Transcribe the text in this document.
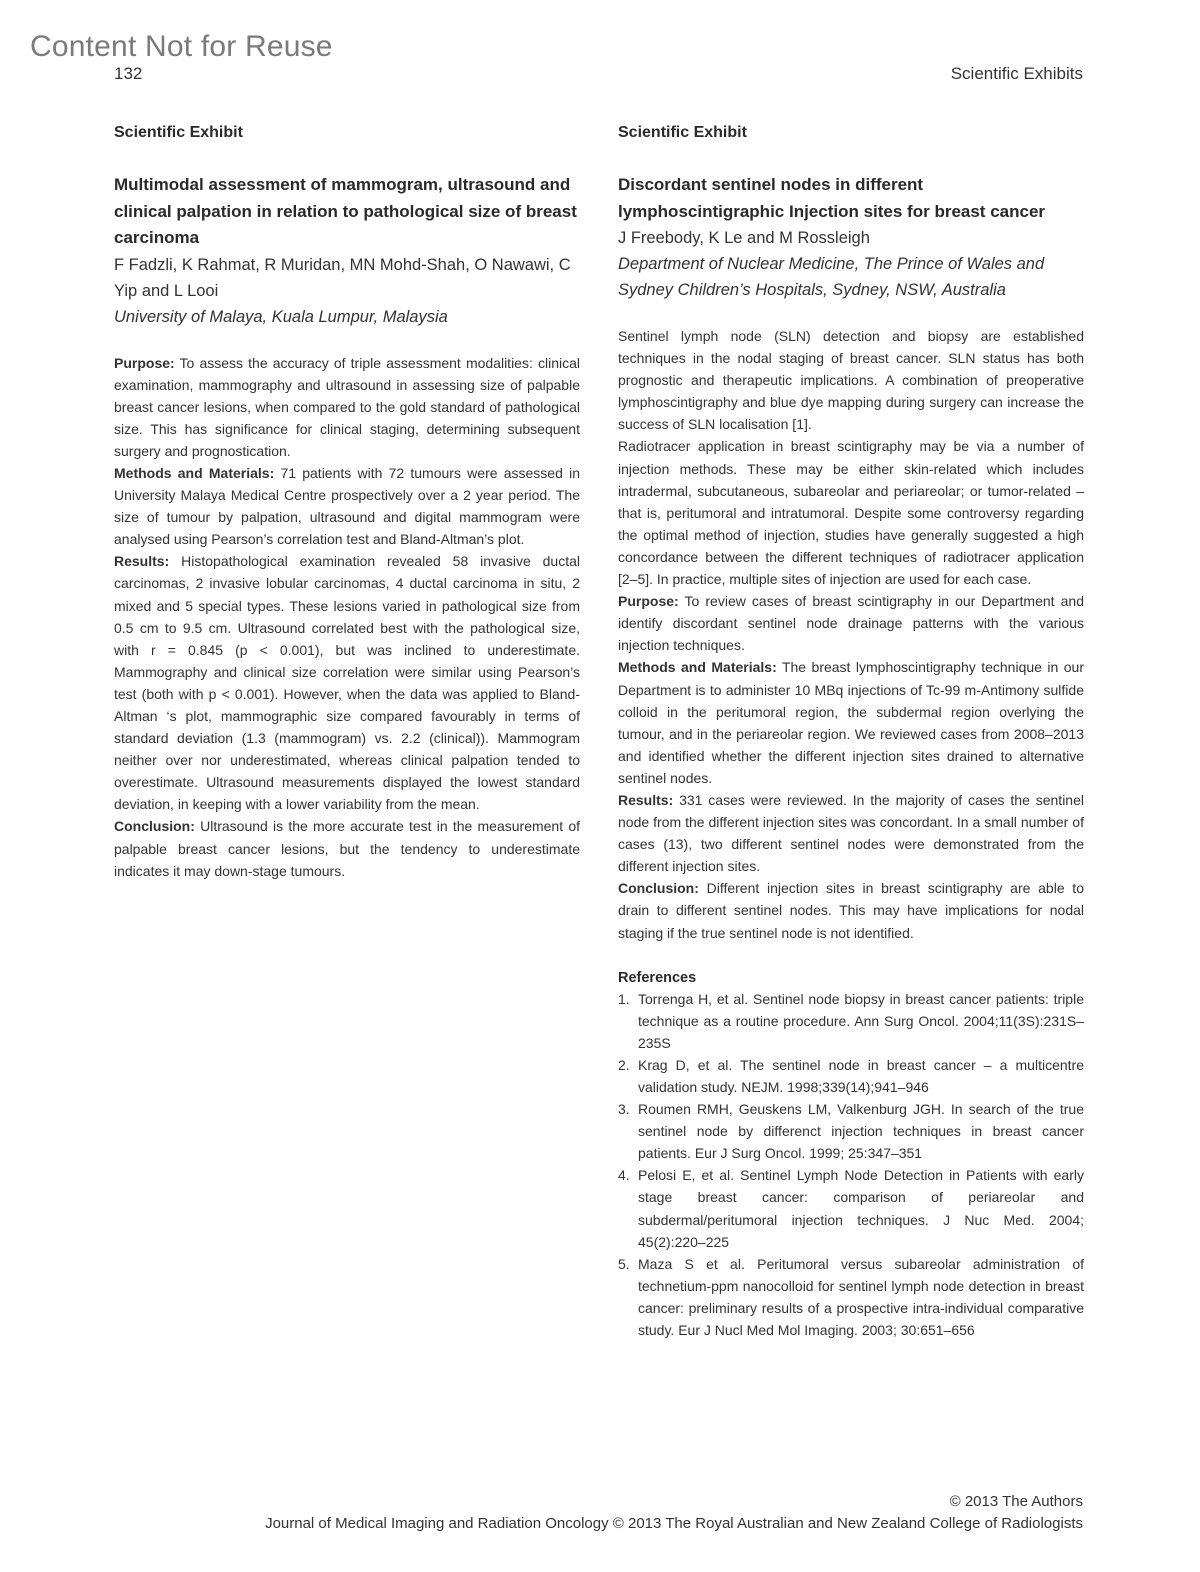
Content Not for Reuse
132	Scientific Exhibits

Scientific Exhibit

Multimodal assessment of mammogram, ultrasound and clinical palpation in relation to pathological size of breast carcinoma

F Fadzli, K Rahmat, R Muridan, MN Mohd-Shah, O Nawawi, C Yip and L Looi

University of Malaya, Kuala Lumpur, Malaysia

Purpose: To assess the accuracy of triple assessment modalities: clinical examination, mammography and ultrasound in assessing size of palpable breast cancer lesions, when compared to the gold standard of pathological size. This has significance for clinical staging, determining subsequent surgery and prognostication.

Methods and Materials: 71 patients with 72 tumours were assessed in University Malaya Medical Centre prospectively over a 2 year period. The size of tumour by palpation, ultrasound and digital mammogram were analysed using Pearson’s correlation test and Bland-Altman’s plot.

Results: Histopathological examination revealed 58 invasive ductal carcinomas, 2 invasive lobular carcinomas, 4 ductal carcinoma in situ, 2 mixed and 5 special types. These lesions varied in pathological size from 0.5 cm to 9.5 cm. Ultrasound correlated best with the pathological size, with r = 0.845 (p < 0.001), but was inclined to underestimate. Mammography and clinical size correlation were similar using Pearson’s test (both with p < 0.001). However, when the data was applied to Bland-Altman ‘s plot, mammographic size compared favourably in terms of standard deviation (1.3 (mammogram) vs. 2.2 (clinical)). Mammogram neither over nor underestimated, whereas clinical palpation tended to overestimate. Ultrasound measurements displayed the lowest standard deviation, in keeping with a lower variability from the mean.

Conclusion: Ultrasound is the more accurate test in the measurement of palpable breast cancer lesions, but the tendency to underestimate indicates it may down-stage tumours.

Scientific Exhibit

Discordant sentinel nodes in different lymphoscintigraphic Injection sites for breast cancer

J Freebody, K Le and M Rossleigh

Department of Nuclear Medicine, The Prince of Wales and Sydney Children’s Hospitals, Sydney, NSW, Australia

Sentinel lymph node (SLN) detection and biopsy are established techniques in the nodal staging of breast cancer. SLN status has both prognostic and therapeutic implications. A combination of preoperative lymphoscintigraphy and blue dye mapping during surgery can increase the success of SLN localisation [1].

Radiotracer application in breast scintigraphy may be via a number of injection methods. These may be either skin-related which includes intradermal, subcutaneous, subareolar and periareolar; or tumor-related – that is, peritumoral and intratumoral. Despite some controversy regarding the optimal method of injection, studies have generally suggested a high concordance between the different techniques of radiotracer application [2–5]. In practice, multiple sites of injection are used for each case.

Purpose: To review cases of breast scintigraphy in our Department and identify discordant sentinel node drainage patterns with the various injection techniques.

Methods and Materials: The breast lymphoscintigraphy technique in our Department is to administer 10 MBq injections of Tc-99 m-Antimony sulfide colloid in the peritumoral region, the subdermal region overlying the tumour, and in the periareolar region. We reviewed cases from 2008–2013 and identified whether the different injection sites drained to alternative sentinel nodes.

Results: 331 cases were reviewed. In the majority of cases the sentinel node from the different injection sites was concordant. In a small number of cases (13), two different sentinel nodes were demonstrated from the different injection sites.

Conclusion: Different injection sites in breast scintigraphy are able to drain to different sentinel nodes. This may have implications for nodal staging if the true sentinel node is not identified.

References

1. Torrenga H, et al. Sentinel node biopsy in breast cancer patients: triple technique as a routine procedure. Ann Surg Oncol. 2004;11(3S):231S–235S
2. Krag D, et al. The sentinel node in breast cancer – a multicentre validation study. NEJM. 1998;339(14);941–946
3. Roumen RMH, Geuskens LM, Valkenburg JGH. In search of the true sentinel node by differenct injection techniques in breast cancer patients. Eur J Surg Oncol. 1999; 25:347–351
4. Pelosi E, et al. Sentinel Lymph Node Detection in Patients with early stage breast cancer: comparison of periareolar and subdermal/peritumoral injection techniques. J Nuc Med. 2004; 45(2):220–225
5. Maza S et al. Peritumoral versus subareolar administration of technetium-ppm nanocolloid for sentinel lymph node detection in breast cancer: preliminary results of a prospective intra-individual comparative study. Eur J Nucl Med Mol Imaging. 2003; 30:651–656
© 2013 The Authors
Journal of Medical Imaging and Radiation Oncology © 2013 The Royal Australian and New Zealand College of Radiologists
